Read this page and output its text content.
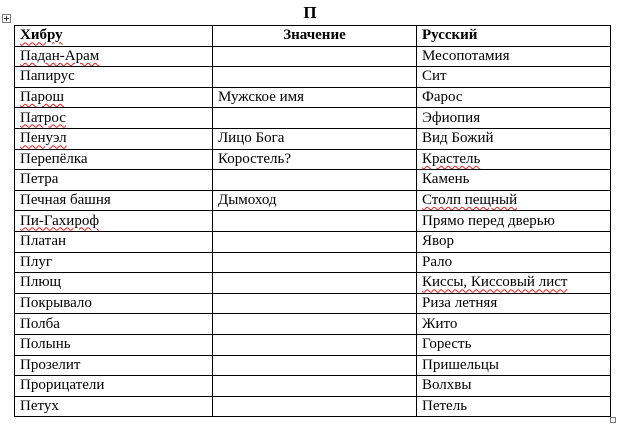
П
Хибру	Значение	Русский
Падан-Арам		Месопотамия
Папирус		Сит
Парош	Мужское имя	Фарос
Патрос		Эфиопия
Пенуэл	Лицо Бога	Вид Божий
Перепёлка	Коростель?	Крастель
Петра		Камень
Печная башня	Дымоход	Столп пещный
Пи-Гахироф		Прямо перед дверью
Платан		Явор
Плуг		Рало
Плющ		Киссы, Киссовый лист
Покрывало		Риза летняя
Полба		Жито
Полынь		Горесть
Прозелит		Пришельцы
Прорицатели		Волхвы
Петух		Петель
